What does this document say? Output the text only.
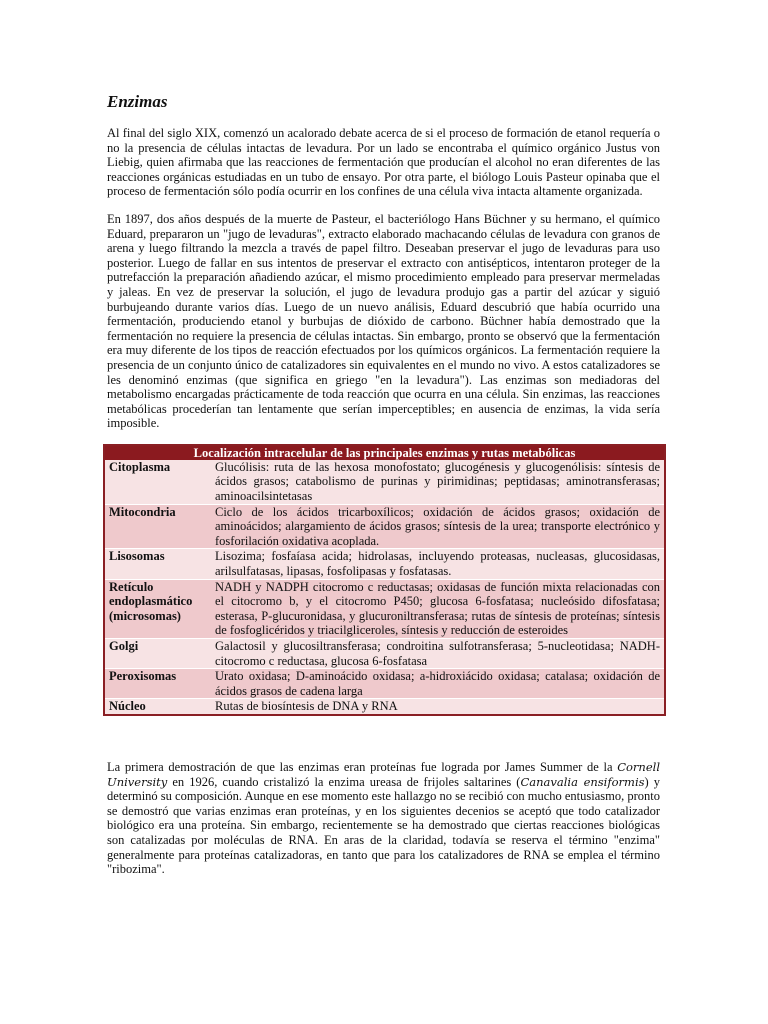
Enzimas

Al final del siglo XIX, comenzó un acalorado debate acerca de si el proceso de formación de etanol requería o no la presencia de células intactas de levadura. Por un lado se encontraba el químico orgánico Justus von Liebig, quien afirmaba que las reacciones de fermentación que producían el alcohol no eran diferentes de las reacciones orgánicas estudiadas en un tubo de ensayo. Por otra parte, el biólogo Louis Pasteur opinaba que el proceso de fermentación sólo podía ocurrir en los confines de una célula viva intacta altamente organizada.

En 1897, dos años después de la muerte de Pasteur, el bacteriólogo Hans Büchner y su hermano, el químico Eduard, prepararon un "jugo de levaduras", extracto elaborado machacando células de levadura con granos de arena y luego filtrando la mezcla a través de papel filtro. Deseaban preservar el jugo de levaduras para uso posterior. Luego de fallar en sus intentos de preservar el extracto con antisépticos, intentaron proteger de la putrefacción la preparación añadiendo azúcar, el mismo procedimiento empleado para preservar mermeladas y jaleas. En vez de preservar la solución, el jugo de levadura produjo gas a partir del azúcar y siguió burbujeando durante varios días. Luego de un nuevo análisis, Eduard descubrió que había ocurrido una fermentación, produciendo etanol y burbujas de dióxido de carbono. Büchner había demostrado que la fermentación no requiere la presencia de células intactas. Sin embargo, pronto se observó que la fermentación era muy diferente de los tipos de reacción efectuados por los químicos orgánicos. La fermentación requiere la presencia de un conjunto único de catalizadores sin equivalentes en el mundo no vivo. A estos catalizadores se les denominó enzimas (que significa en griego "en la levadura"). Las enzimas son mediadoras del metabolismo encargadas prácticamente de toda reacción que ocurra en una célula. Sin enzimas, las reacciones metabólicas procederían tan lentamente que serían imperceptibles; en ausencia de enzimas, la vida sería imposible.

Localización intracelular de las principales enzimas y rutas metabólicas	
Citoplasma	Glucólisis: ruta de las hexosa monofostato; glucogénesis y glucogenólisis: síntesis de ácidos grasos; catabolismo de purinas y pirimidinas; peptidasas; aminotransferasas; aminoacilsintetasas
Mitocondria	Ciclo de los ácidos tricarboxílicos; oxidación de ácidos grasos; oxidación de aminoácidos; alargamiento de ácidos grasos; síntesis de la urea; transporte electrónico y fosforilación oxidativa acoplada.
Lisosomas	Lisozima; fosfaíasa acida; hidrolasas, incluyendo proteasas, nucleasas, glucosidasas, arilsulfatasas, lipasas, fosfolipasas y fosfatasas.
Retículo endoplasmático (microsomas)	NADH y NADPH citocromo c reductasas; oxidasas de función mixta relacionadas con el citocromo b, y el citocromo P450; glucosa 6-fosfatasa; nucleósido difosfatasa; esterasa, P-glucuronidasa, y glucuroniltransferasa; rutas de síntesis de proteínas; síntesis de fosfoglicéridos y triacilgliceroles, síntesis y reducción de esteroides
Golgi	Galactosil y glucosiltransferasa; condroitina sulfotransferasa; 5-nucleotidasa; NADH-citocromo c reductasa, glucosa 6-fosfatasa
Peroxisomas	Urato oxidasa; D-aminoácido oxidasa; a-hidroxiácido oxidasa; catalasa; oxidación de ácidos grasos de cadena larga
Núcleo	Rutas de biosíntesis de DNA y RNA

La primera demostración de que las enzimas eran proteínas fue lograda por James Summer de la Cornell University en 1926, cuando cristalizó la enzima ureasa de frijoles saltarines (Canavalia ensiformis) y determinó su composición. Aunque en ese momento este hallazgo no se recibió con mucho entusiasmo, pronto se demostró que varias enzimas eran proteínas, y en los siguientes decenios se aceptó que todo catalizador biológico era una proteína. Sin embargo, recientemente se ha demostrado que ciertas reacciones biológicas son catalizadas por moléculas de RNA. En aras de la claridad, todavía se reserva el término "enzima" generalmente para proteínas catalizadoras, en tanto que para los catalizadores de RNA se emplea el término "ribozima".
